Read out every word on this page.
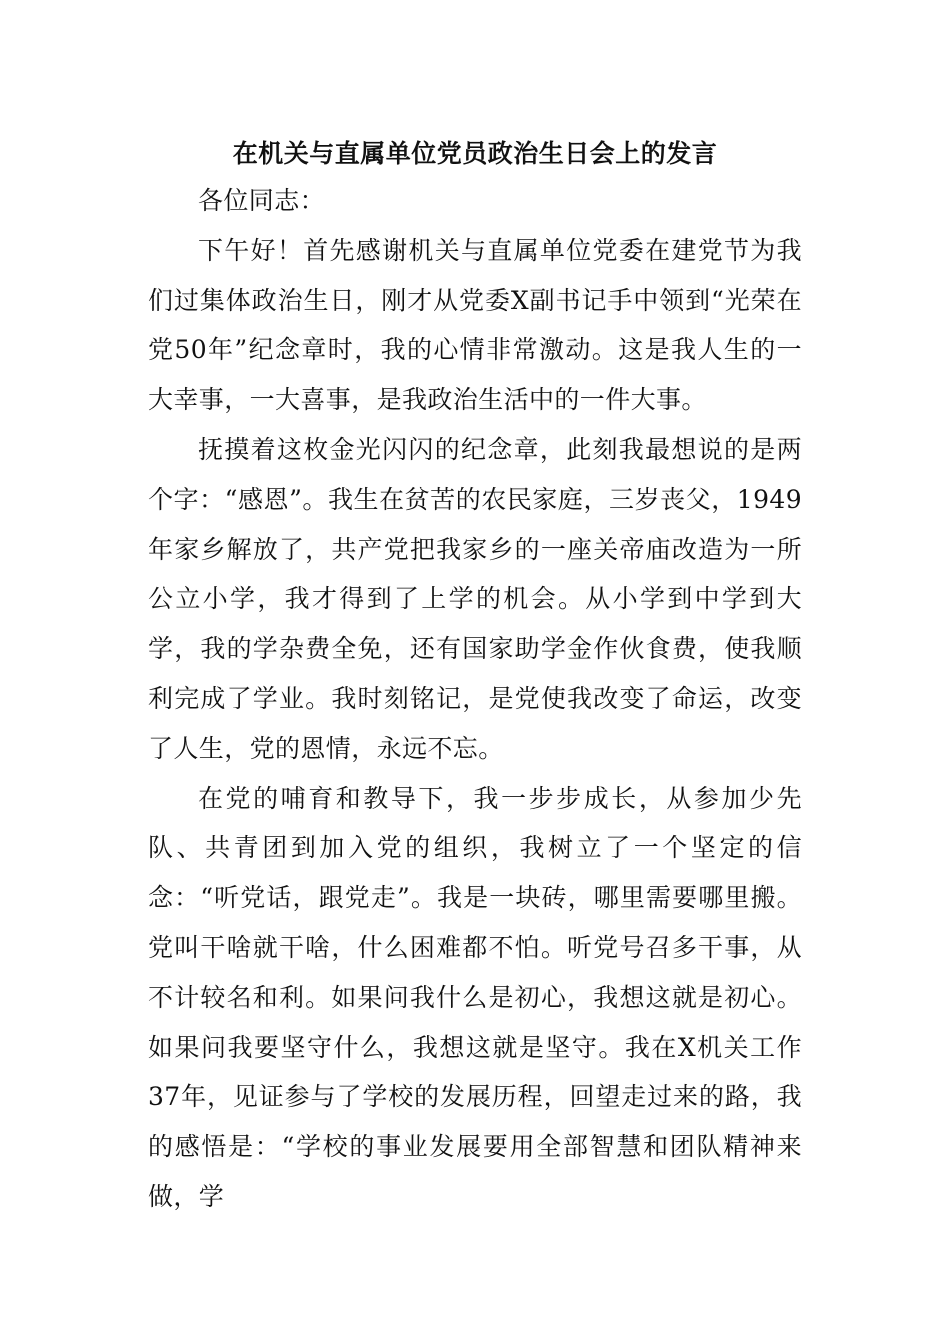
在机关与直属单位党员政治生日会上的发言

各位同志：

下午好！首先感谢机关与直属单位党委在建党节为我们过集体政治生日，刚才从党委X副书记手中领到“光荣在党50年”纪念章时，我的心情非常激动。这是我人生的一大幸事，一大喜事，是我政治生活中的一件大事。

抚摸着这枚金光闪闪的纪念章，此刻我最想说的是两个字：“感恩”。我生在贫苦的农民家庭，三岁丧父，1949年家乡解放了，共产党把我家乡的一座关帝庙改造为一所公立小学，我才得到了上学的机会。从小学到中学到大学，我的学杂费全免，还有国家助学金作伙食费，使我顺利完成了学业。我时刻铭记，是党使我改变了命运，改变了人生，党的恩情，永远不忘。

在党的哺育和教导下，我一步步成长，从参加少先队、共青团到加入党的组织，我树立了一个坚定的信念：“听党话，跟党走”。我是一块砖，哪里需要哪里搬。党叫干啥就干啥，什么困难都不怕。听党号召多干事，从不计较名和利。如果问我什么是初心，我想这就是初心。如果问我要坚守什么，我想这就是坚守。我在X机关工作37年，见证参与了学校的发展历程，回望走过来的路，我的感悟是：“学校的事业发展要用全部智慧和团队精神来做，学
